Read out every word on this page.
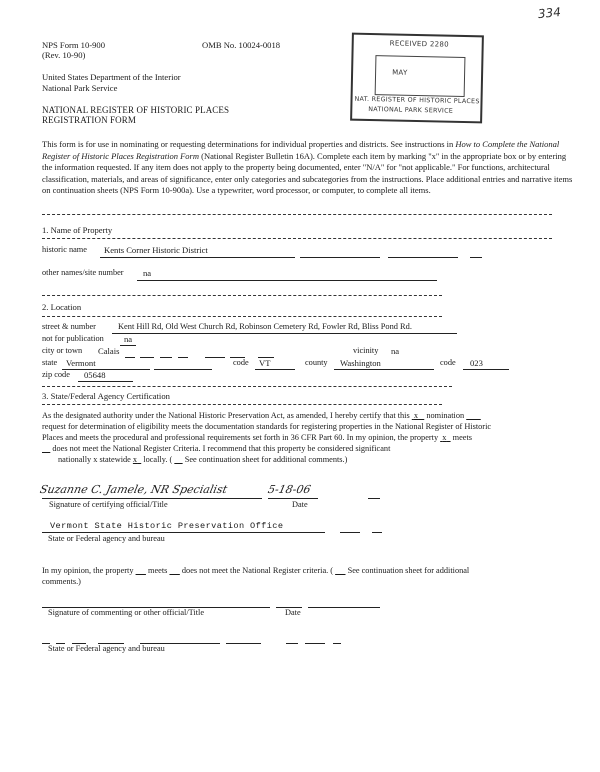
334
NPS Form 10-900
(Rev. 10-90)
OMB No. 10024-0018
United States Department of the Interior
National Park Service
NATIONAL REGISTER OF HISTORIC PLACES
REGISTRATION FORM
RECEIVED 2280
MAY
NAT. REGISTER OF HISTORIC PLACES
NATIONAL PARK SERVICE
This form is for use in nominating or requesting determinations for individual properties and districts. See instructions in How to Complete the National Register of Historic Places Registration Form (National Register Bulletin 16A). Complete each item by marking "x" in the appropriate box or by entering the information requested. If any item does not apply to the property being documented, enter "N/A" for "not applicable." For functions, architectural classification, materials, and areas of significance, enter only categories and subcategories from the instructions. Place additional entries and narrative items on continuation sheets (NPS Form 10-900a). Use a typewriter, word processor, or computer, to complete all items.
1. Name of Property
historic name Kents Corner Historic District
other names/site number na
2. Location
street & number	Kent Hill Rd, Old West Church Rd, Robinson Cemetery Rd, Fowler Rd, Bliss Pond Rd.
not for publication na
city or town Calais	vicinity na
state Vermont	code VT	county Washington	code 023
zip code 05648
3. State/Federal Agency Certification
As the designated authority under the National Historic Preservation Act, as amended, I hereby certify that this  x    nomination
request for determination of eligibility meets the documentation standards for registering properties in the National Register of Historic
Places and meets the procedural and professional requirements set forth in 36 CFR Part 60. In my opinion, the property  x   meets
does not meet the National Register Criteria. I recommend that this property be considered significant
nationally x statewide x   locally. (      See continuation sheet for additional comments.)
Suzanne C. Jamele, NR Specialist	5-18-06
Signature of certifying official/Title	Date
Vermont State Historic Preservation Office
State or Federal agency and bureau
In my opinion, the property       meets       does not meet the National Register criteria. (       See continuation sheet for additional
comments.)
Signature of commenting or other official/Title	Date
State or Federal agency and bureau
